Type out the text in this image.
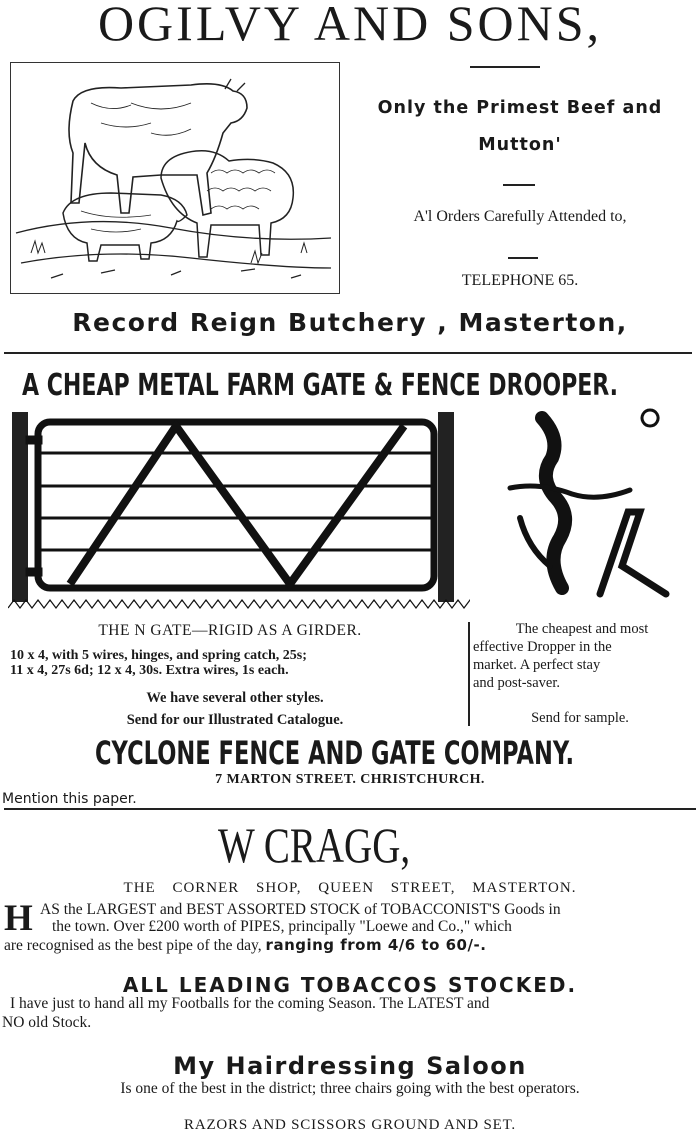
OGILVY AND SONS,
Only the Primest Beef and
Mutton'
A'l Orders Carefully Attended to,
TELEPHONE 65.
Record Reign Butchery , Masterton,
A CHEAP METAL FARM GATE & FENCE DROOPER.
THE N GATE—RIGID AS A GIRDER.
10 x 4, with 5 wires, hinges, and spring catch, 25s;
11 x 4, 27s 6d; 12 x 4, 30s. Extra wires, 1s each.
We have several other styles.
Send for our Illustrated Catalogue.
The cheapest and most
effective Dropper in the
market. A perfect stay
and post-saver.
Send for sample.
CYCLONE FENCE AND GATE COMPANY.
7 MARTON STREET. CHRISTCHURCH.
Mention this paper.
W CRAGG,
THE CORNER SHOP, QUEEN STREET, MASTERTON.
H AS the LARGEST and BEST ASSORTED STOCK of TOBACCONIST'S Goods in
the town. Over £200 worth of PIPES, principally "Loewe and Co.," which
are recognised as the best pipe of the day, ranging from 4/6 to 60/-.
ALL LEADING TOBACCOS STOCKED.
I have just to hand all my Footballs for the coming Season. The LATEST and
NO old Stock.
My Hairdressing Saloon
Is one of the best in the district; three chairs going with the best operators.
RAZORS AND SCISSORS GROUND AND SET.
